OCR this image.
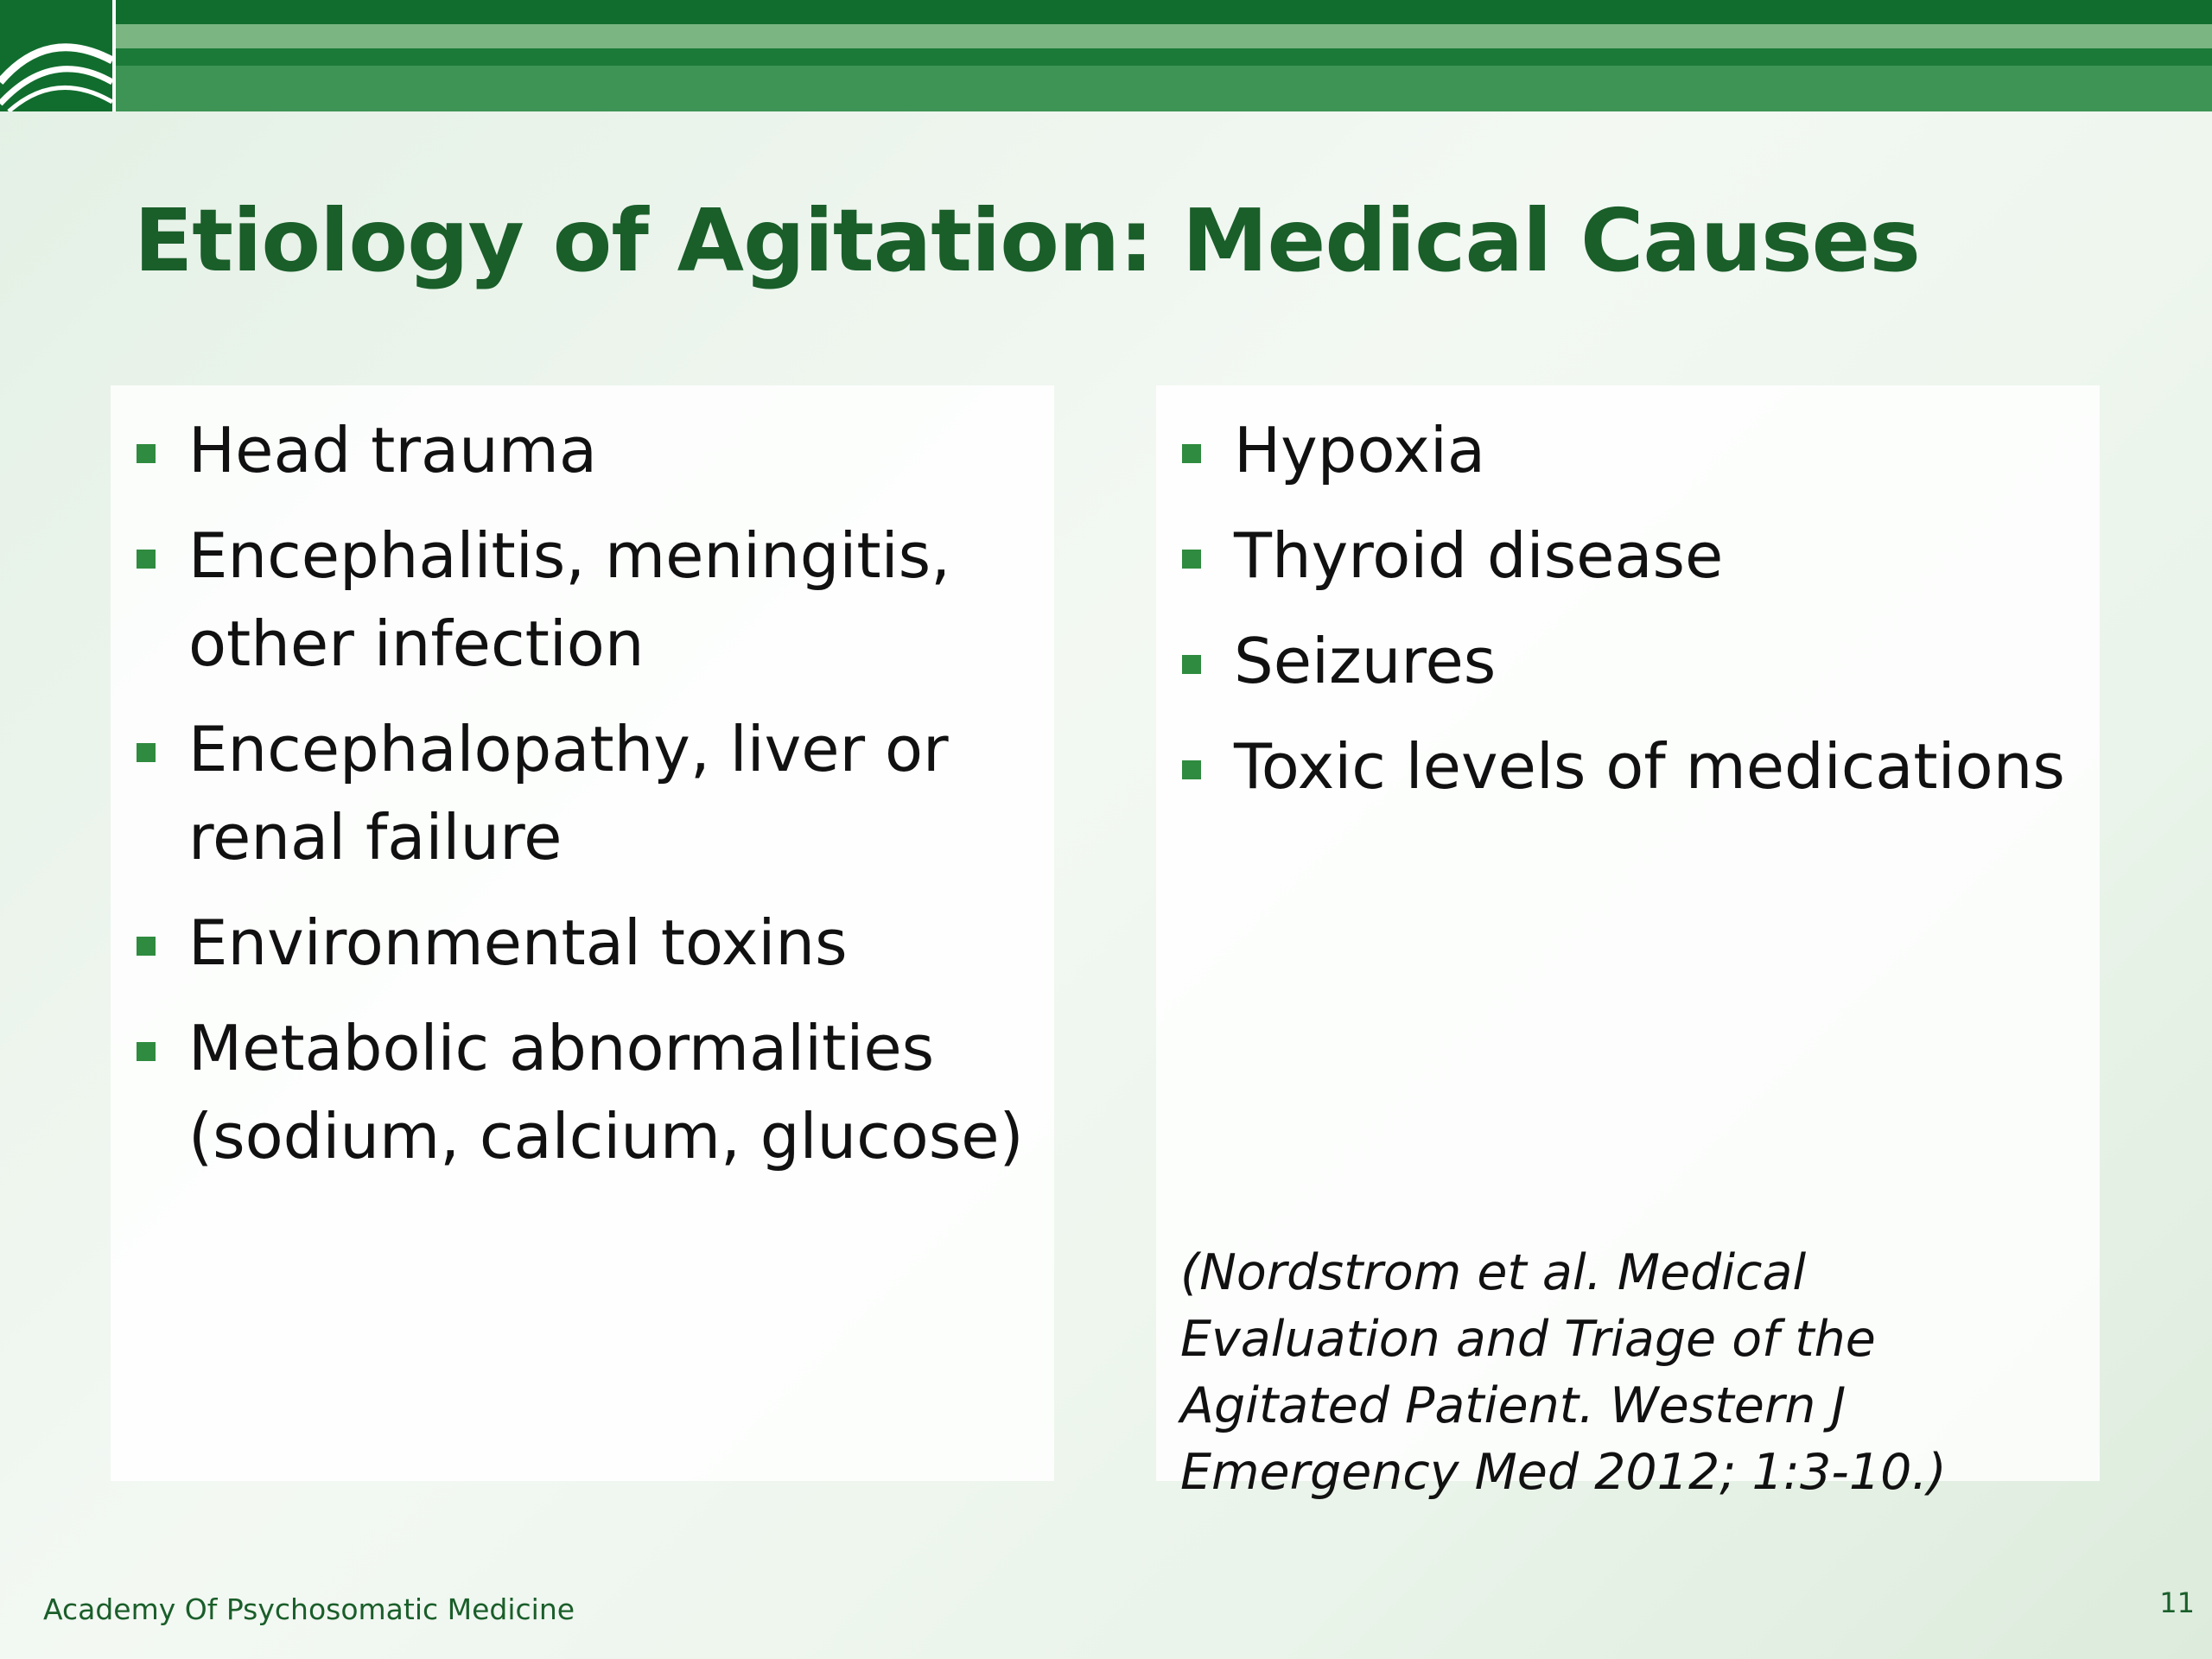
Etiology of Agitation: Medical Causes
Head trauma
Encephalitis, meningitis, other infection
Encephalopathy, liver or renal failure
Environmental toxins
Metabolic abnormalities (sodium, calcium, glucose)
Hypoxia
Thyroid disease
Seizures
Toxic levels of medications

(Nordstrom et al. Medical Evaluation and Triage of the Agitated Patient. Western J Emergency Med 2012; 1:3-10.)

Academy Of Psychosomatic Medicine	11
